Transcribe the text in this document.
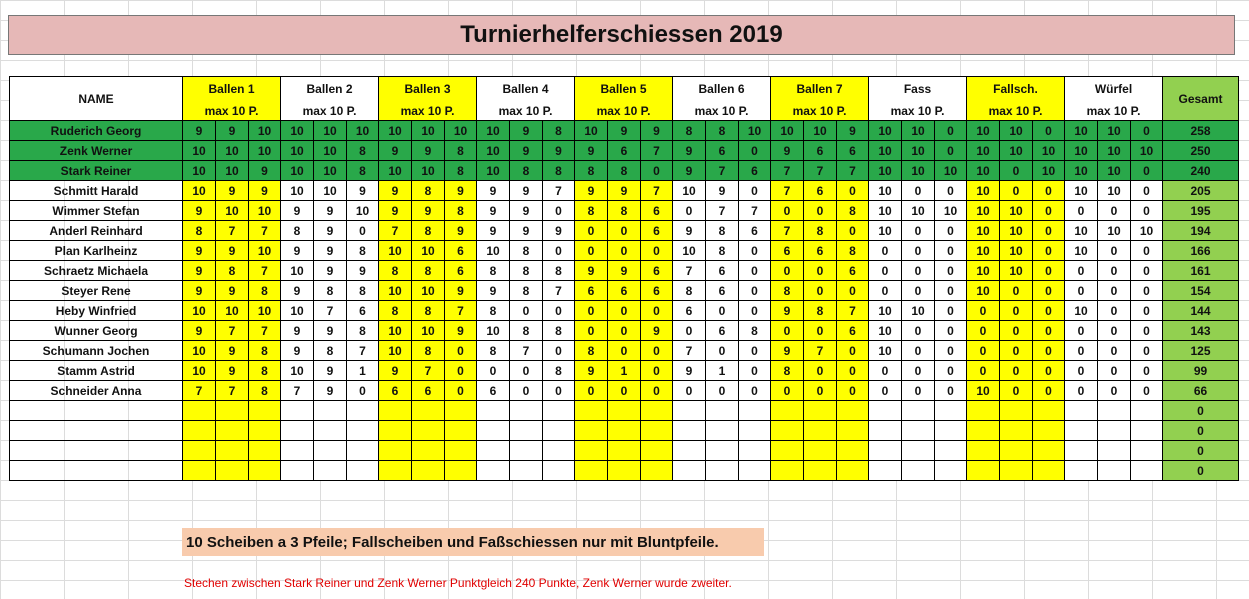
Turnierhelferschiessen 2019
NAME	Ballen 1			Ballen 2			Ballen 3			Ballen 4			Ballen 5			Ballen 6			Ballen 7			Fass			Fallsch.			Würfel			Gesamt
	max 10 P.			max 10 P.			max 10 P.			max 10 P.			max 10 P.			max 10 P.			max 10 P.			max 10 P.			max 10 P.			max 10 P.			
Ruderich Georg	9	9	10	10	10	10	10	10	10	10	9	8	10	9	9	8	8	10	10	10	9	10	10	0	10	10	0	10	10	0	258
Zenk Werner	10	10	10	10	10	8	9	9	8	10	9	9	9	6	7	9	6	0	9	6	6	10	10	0	10	10	10	10	10	10	250
Stark Reiner	10	10	9	10	10	8	10	10	8	10	8	8	8	8	0	9	7	6	7	7	7	10	10	10	10	0	10	10	10	0	240
Schmitt Harald	10	9	9	10	10	9	9	8	9	9	9	7	9	9	7	10	9	0	7	6	0	10	0	0	10	0	0	10	10	0	205
Wimmer Stefan	9	10	10	9	9	10	9	9	8	9	9	0	8	8	6	0	7	7	0	0	8	10	10	10	10	10	0	0	0	0	195
Anderl Reinhard	8	7	7	8	9	0	7	8	9	9	9	9	0	0	6	9	8	6	7	8	0	10	0	0	10	10	0	10	10	10	194
Plan Karlheinz	9	9	10	9	9	8	10	10	6	10	8	0	0	0	0	10	8	0	6	6	8	0	0	0	10	10	0	10	0	0	166
Schraetz Michaela	9	8	7	10	9	9	8	8	6	8	8	8	9	9	6	7	6	0	0	0	6	0	0	0	10	10	0	0	0	0	161
Steyer Rene	9	9	8	9	8	8	10	10	9	9	8	7	6	6	6	8	6	0	8	0	0	0	0	0	10	0	0	0	0	0	154
Heby Winfried	10	10	10	10	7	6	8	8	7	8	0	0	0	0	0	6	0	0	9	8	7	10	10	0	0	0	0	10	0	0	144
Wunner Georg	9	7	7	9	9	8	10	10	9	10	8	8	0	0	9	0	6	8	0	0	6	10	0	0	0	0	0	0	0	0	143
Schumann Jochen	10	9	8	9	8	7	10	8	0	8	7	0	8	0	0	7	0	0	9	7	0	10	0	0	0	0	0	0	0	0	125
Stamm Astrid	10	9	8	10	9	1	9	7	0	0	0	8	9	1	0	9	1	0	8	0	0	0	0	0	0	0	0	0	0	0	99
Schneider Anna	7	7	8	7	9	0	6	6	0	6	0	0	0	0	0	0	0	0	0	0	0	0	0	0	10	0	0	0	0	0	66
																															0
																															0
																															0
																															0
10 Scheiben a 3 Pfeile; Fallscheiben und Faßschiessen nur mit Bluntpfeile.
Stechen zwischen Stark Reiner und Zenk Werner Punktgleich 240 Punkte, Zenk Werner wurde zweiter.
